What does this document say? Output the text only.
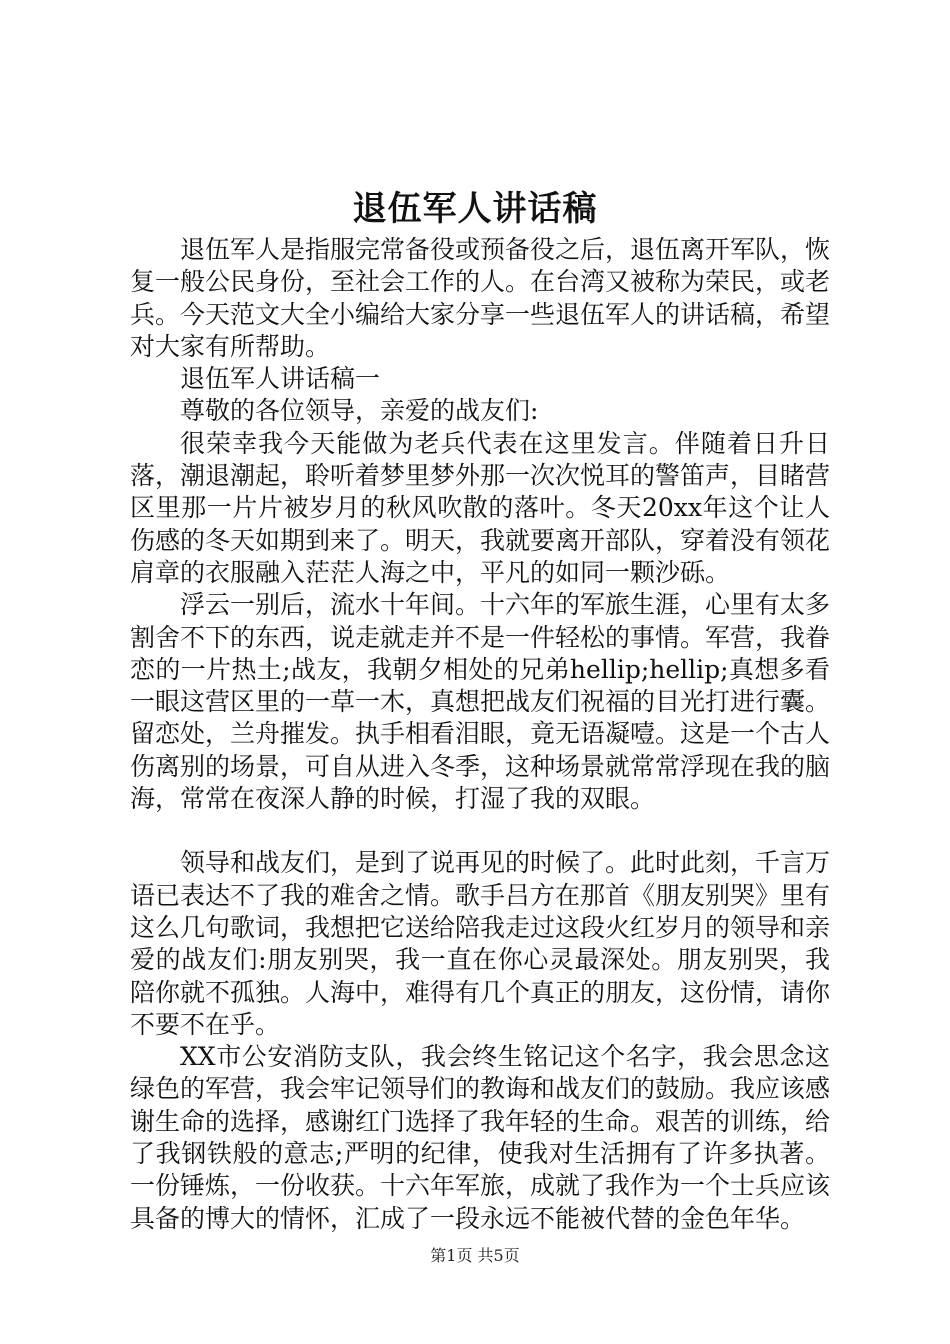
退伍军人讲话稿

退伍军人是指服完常备役或预备役之后，退伍离开军队，恢复一般公民身份，至社会工作的人。在台湾又被称为荣民，或老兵。今天范文大全小编给大家分享一些退伍军人的讲话稿，希望对大家有所帮助。

退伍军人讲话稿一

尊敬的各位领导，亲爱的战友们:

很荣幸我今天能做为老兵代表在这里发言。伴随着日升日落，潮退潮起，聆听着梦里梦外那一次次悦耳的警笛声，目睹营区里那一片片被岁月的秋风吹散的落叶。冬天20xx年这个让人伤感的冬天如期到来了。明天，我就要离开部队，穿着没有领花肩章的衣服融入茫茫人海之中，平凡的如同一颗沙砾。

浮云一别后，流水十年间。十六年的军旅生涯，心里有太多割舍不下的东西，说走就走并不是一件轻松的事情。军营，我眷恋的一片热土;战友，我朝夕相处的兄弟hellip;hellip;真想多看一眼这营区里的一草一木，真想把战友们祝福的目光打进行囊。留恋处，兰舟摧发。执手相看泪眼，竟无语凝噎。这是一个古人伤离别的场景，可自从进入冬季，这种场景就常常浮现在我的脑海，常常在夜深人静的时候，打湿了我的双眼。

领导和战友们，是到了说再见的时候了。此时此刻，千言万语已表达不了我的难舍之情。歌手吕方在那首《朋友别哭》里有这么几句歌词，我想把它送给陪我走过这段火红岁月的领导和亲爱的战友们:朋友别哭，我一直在你心灵最深处。朋友别哭，我陪你就不孤独。人海中，难得有几个真正的朋友，这份情，请你不要不在乎。

XX市公安消防支队，我会终生铭记这个名字，我会思念这绿色的军营，我会牢记领导们的教诲和战友们的鼓励。我应该感谢生命的选择，感谢红门选择了我年轻的生命。艰苦的训练，给了我钢铁般的意志;严明的纪律，使我对生活拥有了许多执著。一份锤炼，一份收获。十六年军旅，成就了我作为一个士兵应该具备的博大的情怀，汇成了一段永远不能被代替的金色年华。

第1页 共5页
